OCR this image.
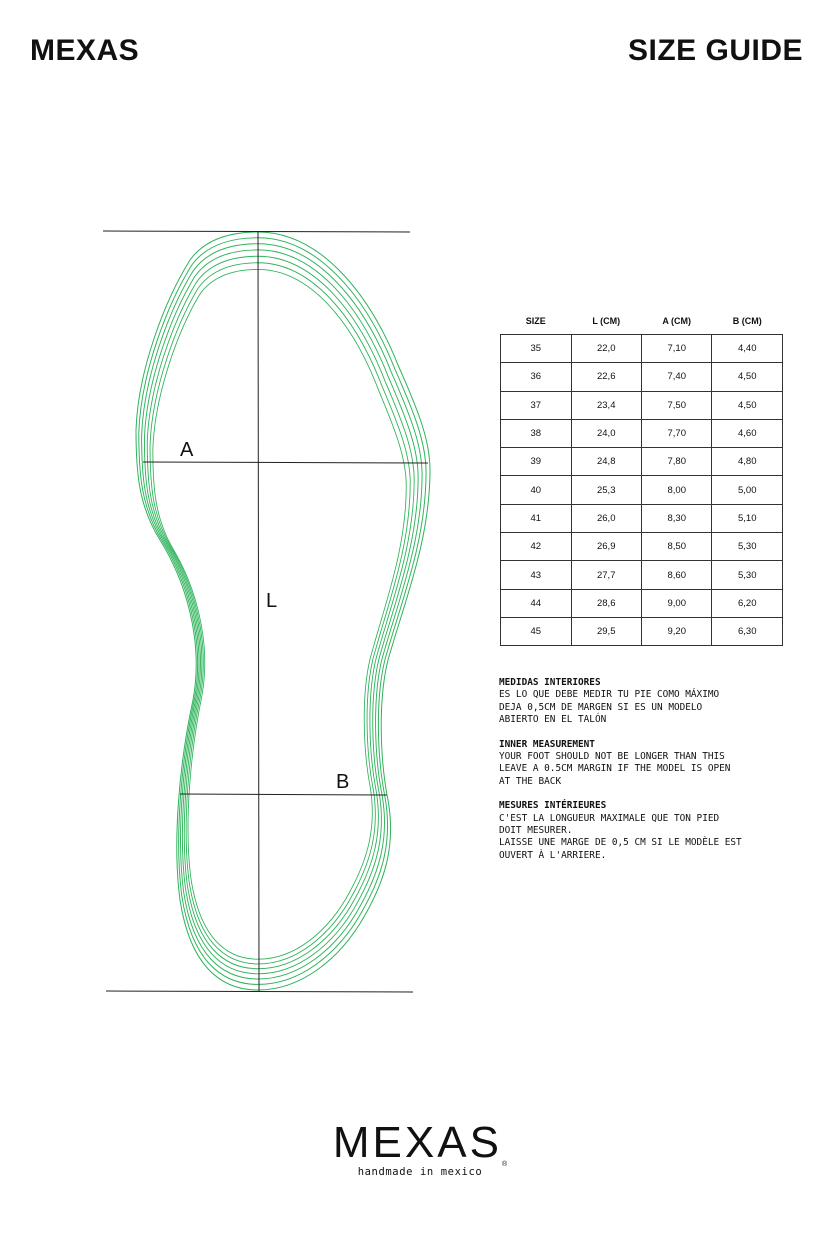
MEXAS	SIZE GUIDE
A
L
B
SIZE	L (CM)	A (CM)	B (CM)
35	22,0	7,10	4,40
36	22,6	7,40	4,50
37	23,4	7,50	4,50
38	24,0	7,70	4,60
39	24,8	7,80	4,80
40	25,3	8,00	5,00
41	26,0	8,30	5,10
42	26,9	8,50	5,30
43	27,7	8,60	5,30
44	28,6	9,00	6,20
45	29,5	9,20	6,30
MEDIDAS INTERIORES
ES LO QUE DEBE MEDIR TU PIE COMO MÁXIMO
DEJA 0,5CM DE MARGEN SI ES UN MODELO
ABIERTO EN EL TALÓN
INNER MEASUREMENT
YOUR FOOT SHOULD NOT BE LONGER THAN THIS
LEAVE A 0.5CM MARGIN IF THE MODEL IS OPEN
AT THE BACK
MESURES INTÉRIEURES
C'EST LA LONGUEUR MAXIMALE QUE TON PIED
DOIT MESURER.
LAISSE UNE MARGE DE 0,5 CM SI LE MODÈLE EST
OUVERT À L'ARRIERE.
MEXAS®
handmade in mexico
